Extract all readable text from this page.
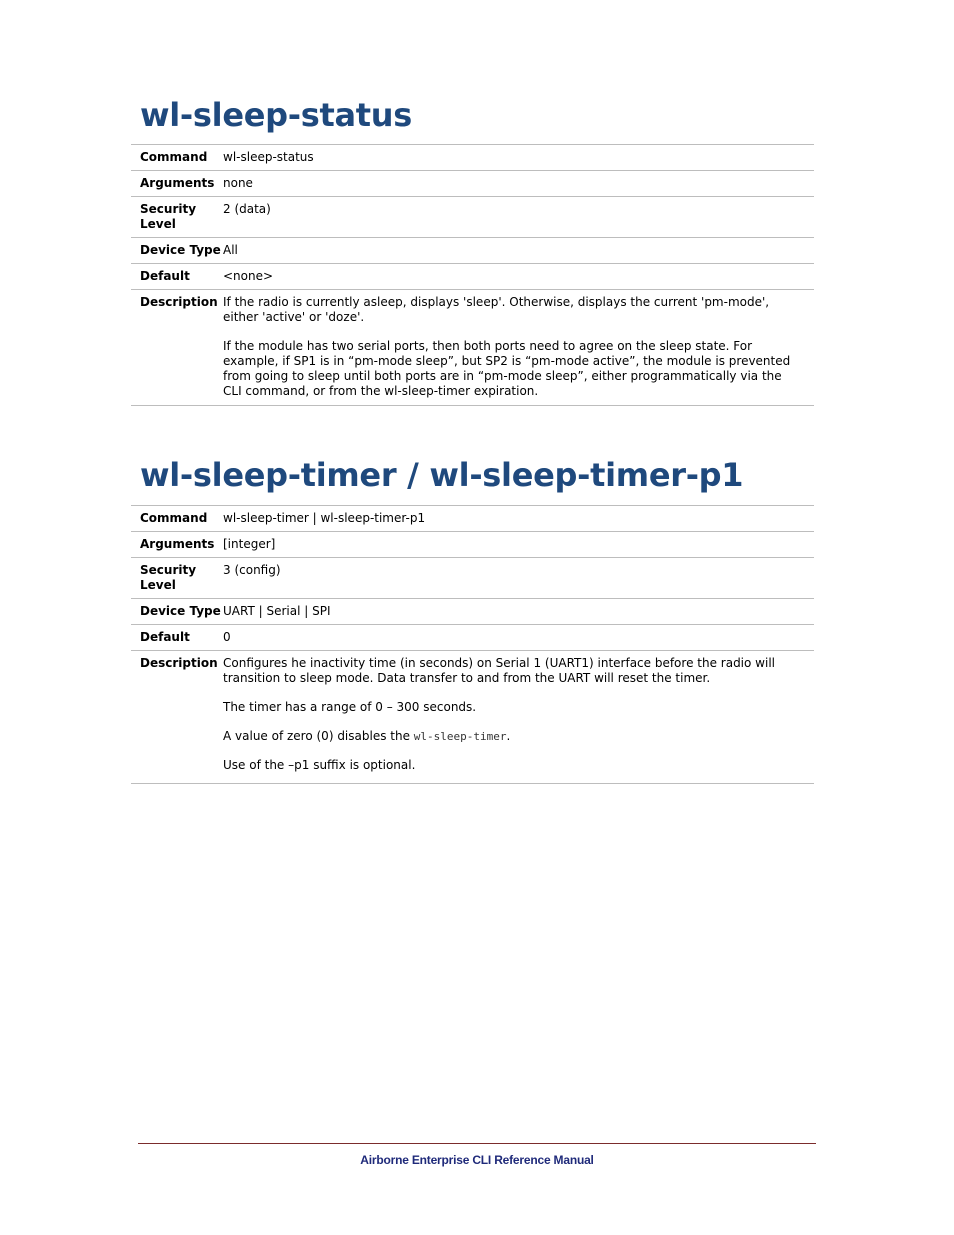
wl-sleep-status
Command	wl-sleep-status
Arguments	none
Security
Level	2 (data)
Device Type	All
Default	<none>
Description	If the radio is currently asleep, displays 'sleep'. Otherwise, displays the current 'pm-mode', either 'active' or 'doze'.

If the module has two serial ports, then both ports need to agree on the sleep state. For example, if SP1 is in “pm-mode sleep”, but SP2 is “pm-mode active”, the module is prevented from going to sleep until both ports are in “pm-mode sleep”, either programmatically via the CLI command, or from the wl-sleep-timer expiration.

wl-sleep-timer / wl-sleep-timer-p1
Command	wl-sleep-timer | wl-sleep-timer-p1
Arguments	[integer]
Security
Level	3 (config)
Device Type	UART | Serial | SPI
Default	0
Description	Configures he inactivity time (in seconds) on Serial 1 (UART1) interface before the radio will transition to sleep mode. Data transfer to and from the UART will reset the timer.

The timer has a range of 0 – 300 seconds.

A value of zero (0) disables the wl-sleep-timer.

Use of the –p1 suffix is optional.

Airborne Enterprise CLI Reference Manual
